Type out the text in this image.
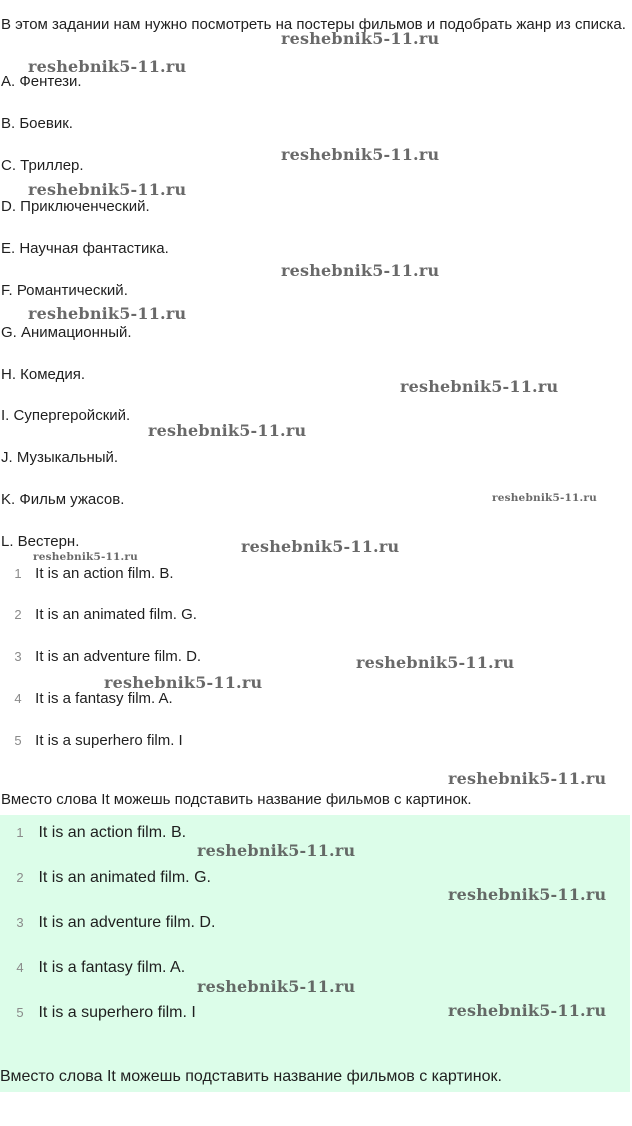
В этом задании нам нужно посмотреть на постеры фильмов и подобрать жанр из списка.

A. Фентези.

B. Боевик.

C. Триллер.

D. Приключенческий.

E. Научная фантастика.

F. Романтический.

G. Анимационный.

H. Комедия.

I. Супергеройский.

J. Музыкальный.

K. Фильм ужасов.

L. Вестерн.

1 It is an action film. B.
2 It is an animated film. G.
3 It is an adventure film. D.
4 It is a fantasy film. A.
5 It is a superhero film. I

Вместо слова It можешь подставить название фильмов с картинок.

1 It is an action film. B.
2 It is an animated film. G.
3 It is an adventure film. D.
4 It is a fantasy film. A.
5 It is a superhero film. I
Вместо слова It можешь подставить название фильмов с картинок.
reshebnik5-11.ru
reshebnik5-11.ru
reshebnik5-11.ru
reshebnik5-11.ru
reshebnik5-11.ru
reshebnik5-11.ru
reshebnik5-11.ru
reshebnik5-11.ru
reshebnik5-11.ru
reshebnik5-11.ru
reshebnik5-11.ru
reshebnik5-11.ru
reshebnik5-11.ru
reshebnik5-11.ru
reshebnik5-11.ru
reshebnik5-11.ru
reshebnik5-11.ru
reshebnik5-11.ru
